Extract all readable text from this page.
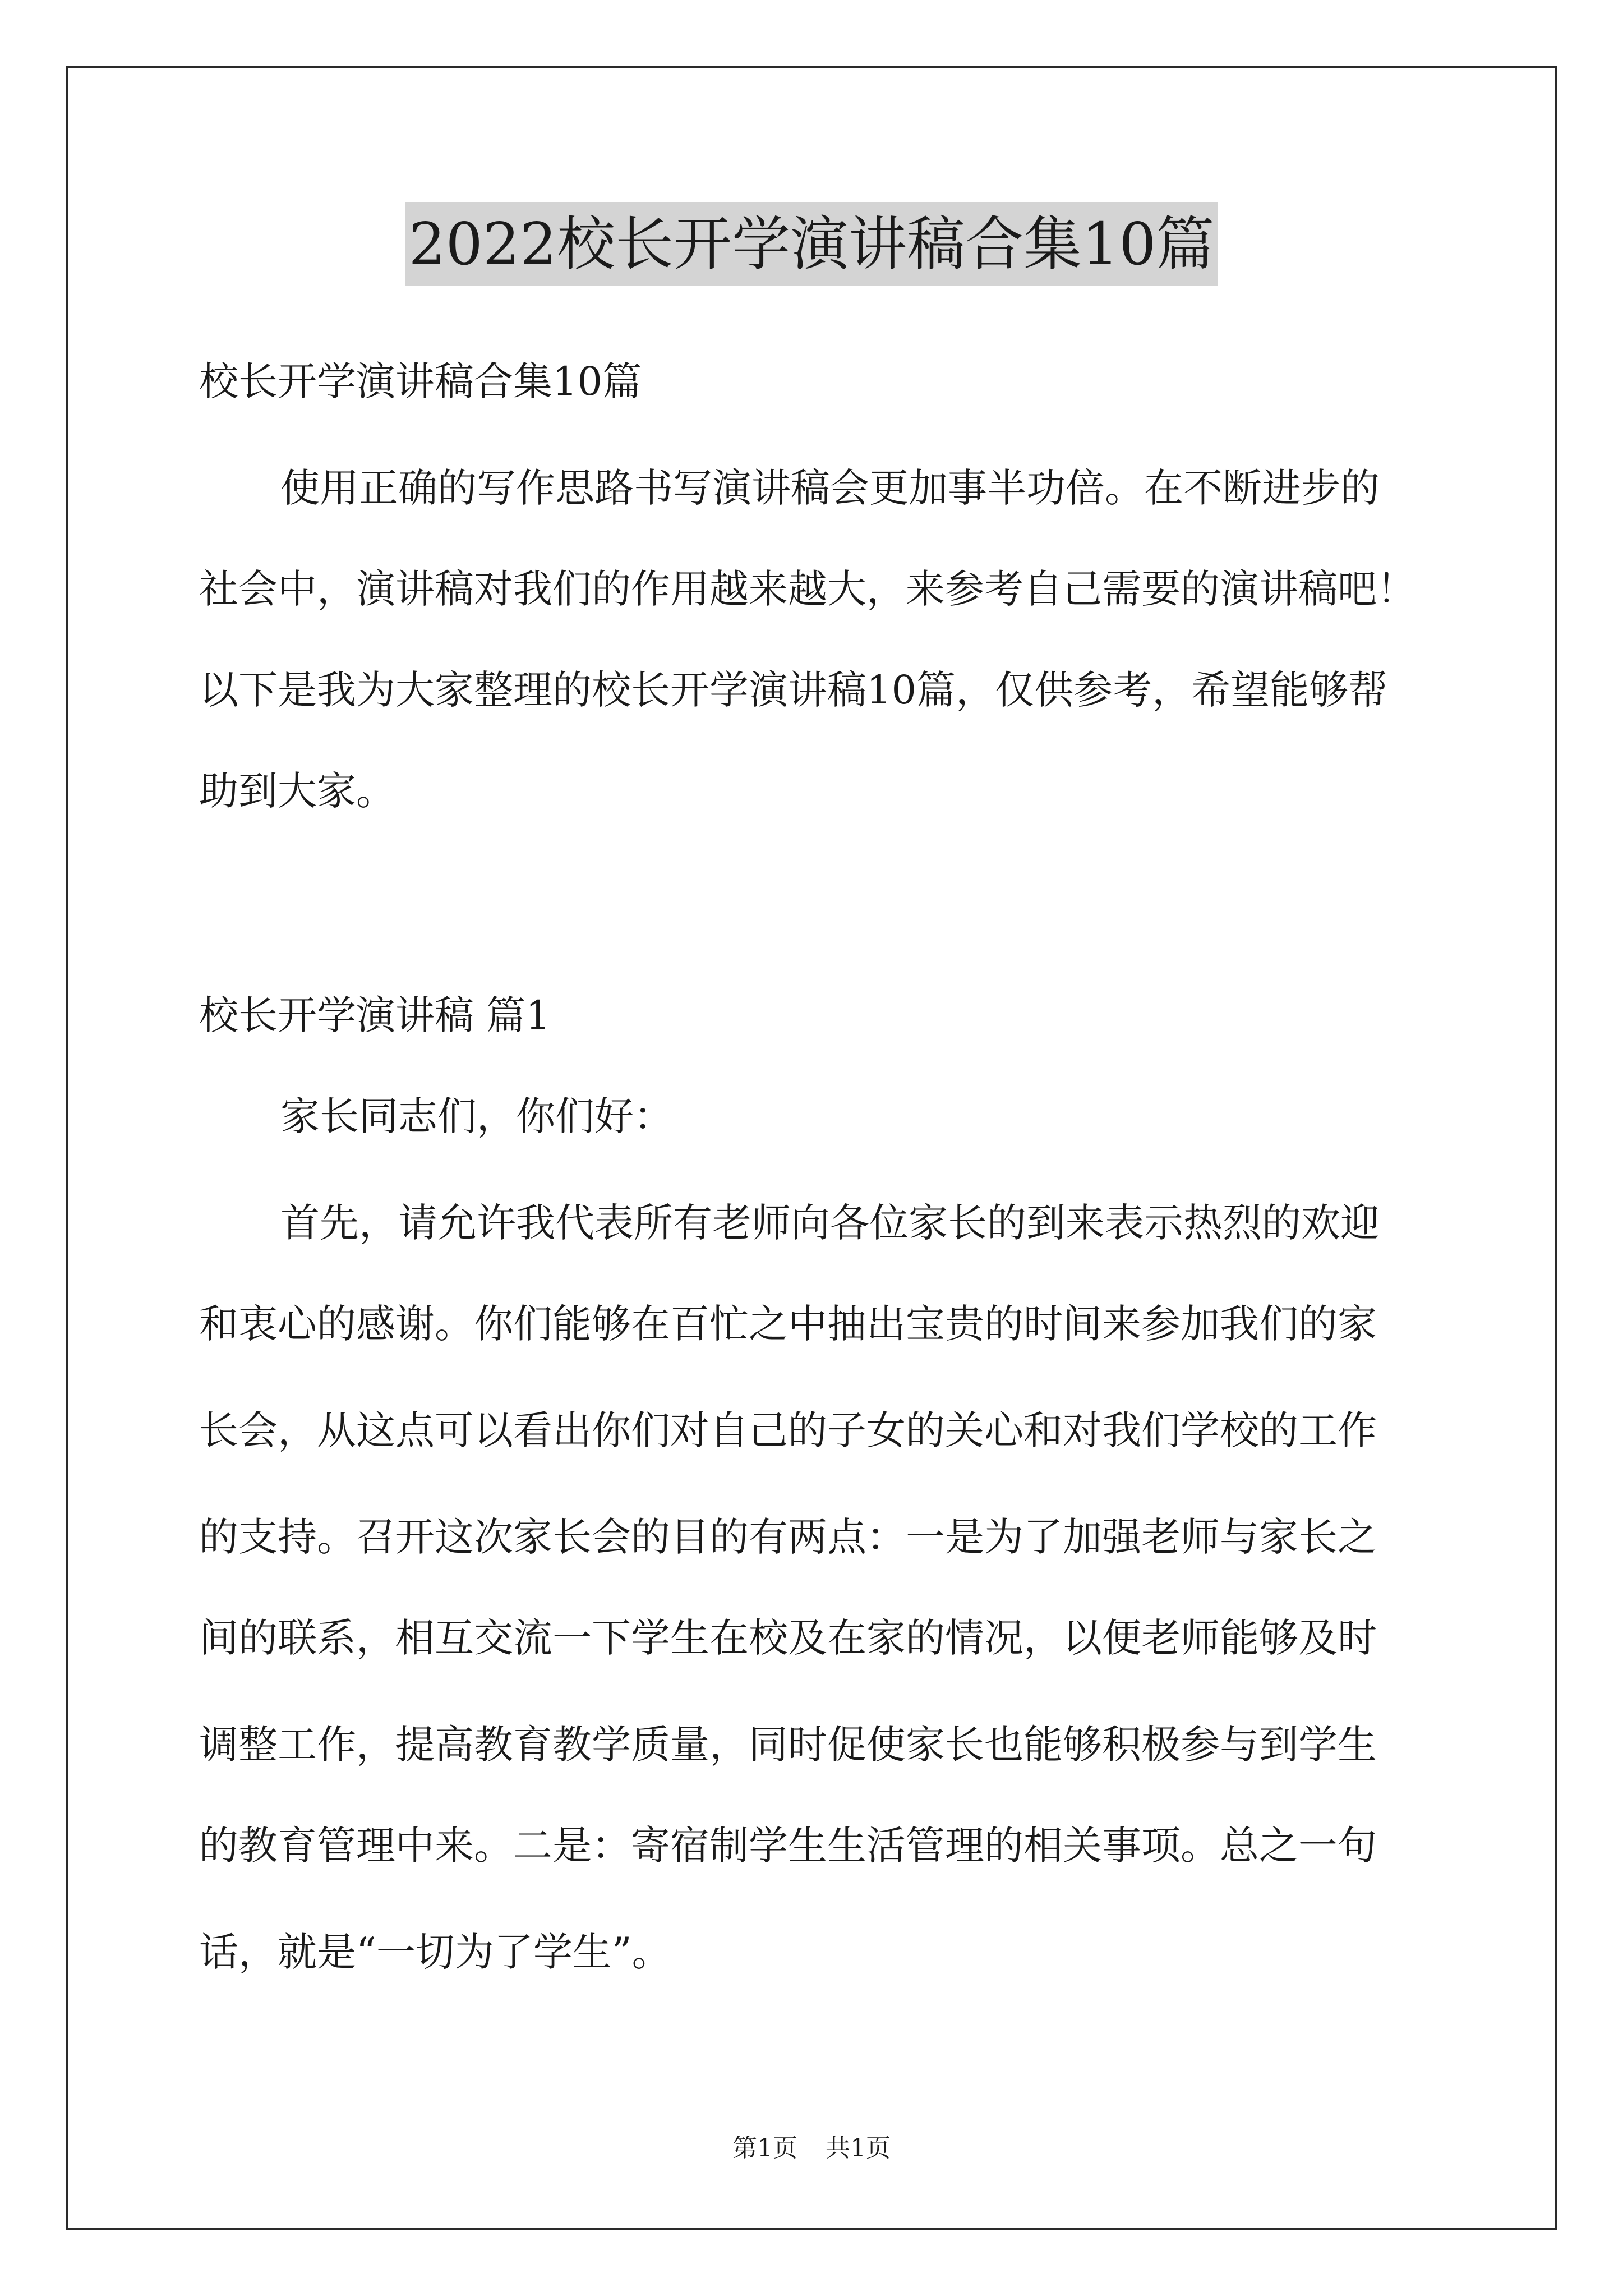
2022校长开学演讲稿合集10篇
校长开学演讲稿合集10篇
使用正确的写作思路书写演讲稿会更加事半功倍。在不断进步的
社会中，演讲稿对我们的作用越来越大，来参考自己需要的演讲稿吧！
以下是我为大家整理的校长开学演讲稿10篇，仅供参考，希望能够帮
助到大家。
校长开学演讲稿 篇1
家长同志们，你们好：
首先，请允许我代表所有老师向各位家长的到来表示热烈的欢迎
和衷心的感谢。你们能够在百忙之中抽出宝贵的时间来参加我们的家
长会，从这点可以看出你们对自己的子女的关心和对我们学校的工作
的支持。召开这次家长会的目的有两点：一是为了加强老师与家长之
间的联系，相互交流一下学生在校及在家的情况，以便老师能够及时
调整工作，提高教育教学质量，同时促使家长也能够积极参与到学生
的教育管理中来。二是：寄宿制学生生活管理的相关事项。总之一句
话，就是“一切为了学生”。
第1页 共1页
